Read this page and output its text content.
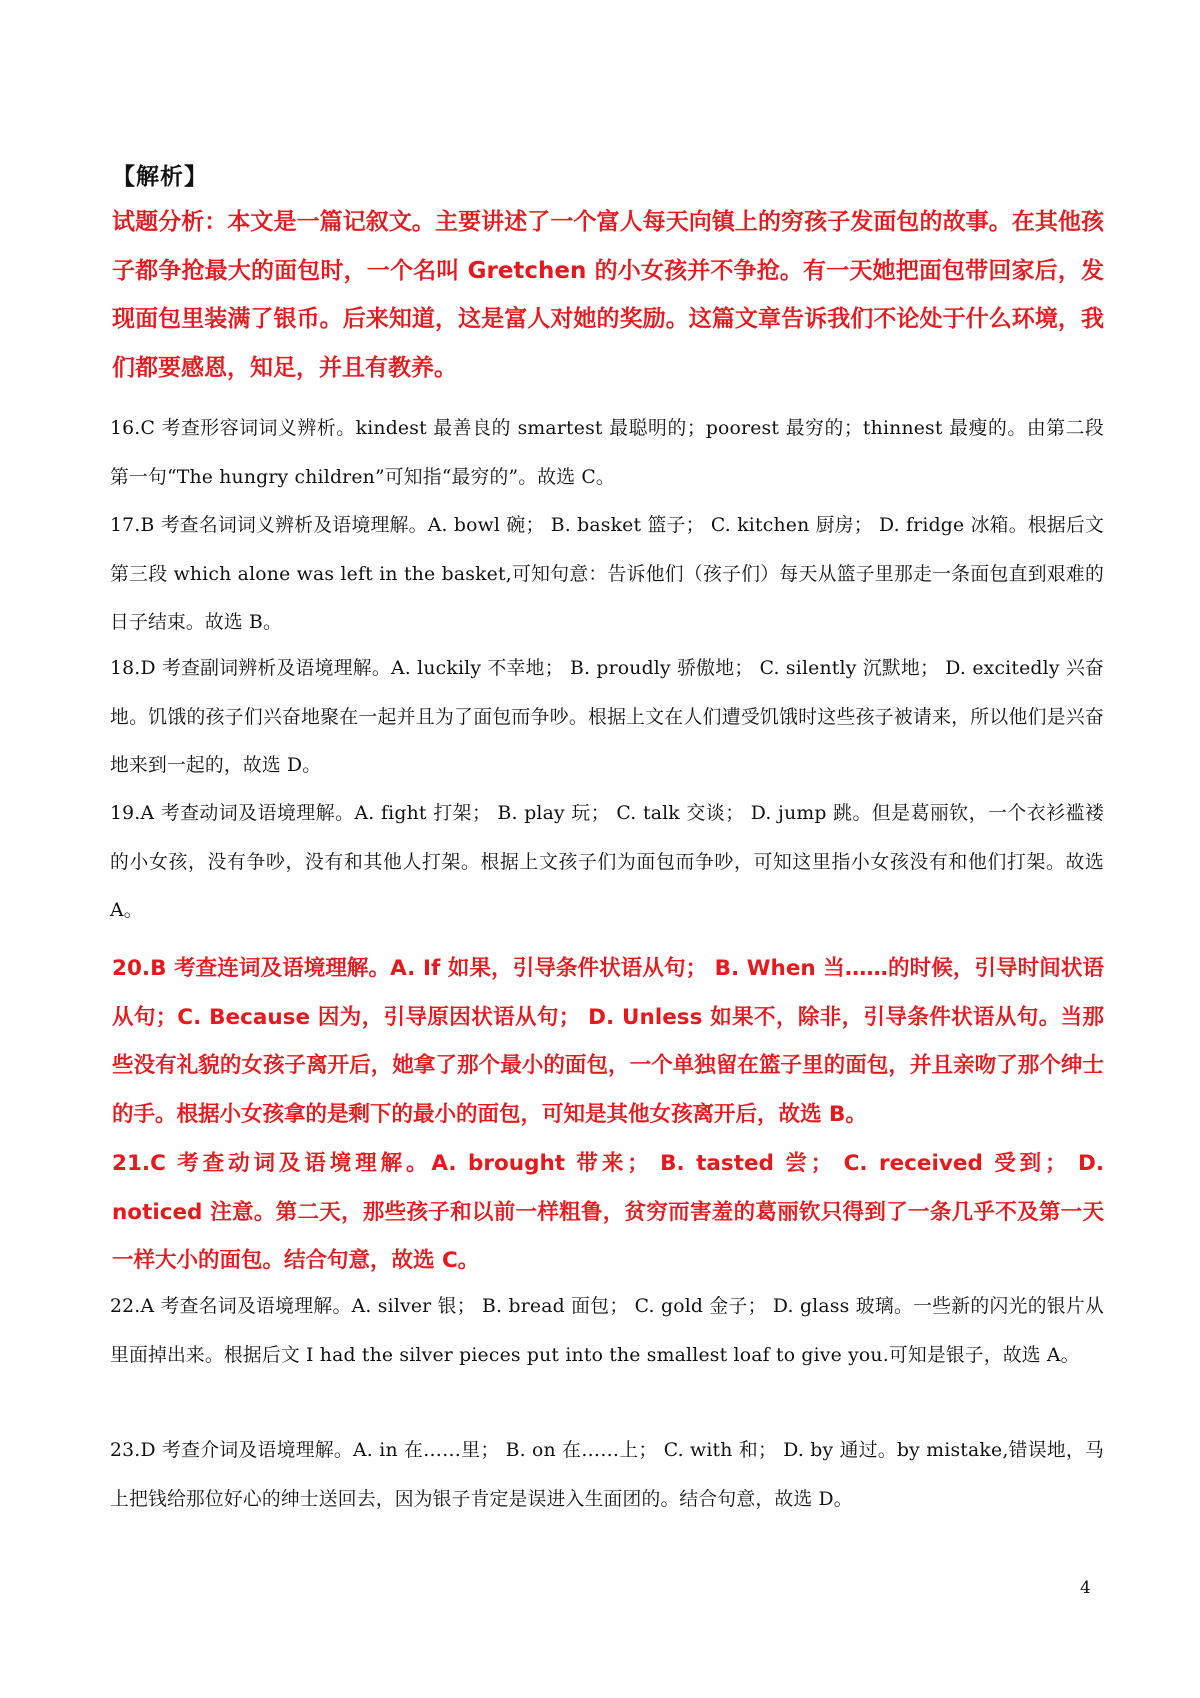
【解析】
试题分析：本文是一篇记叙文。主要讲述了一个富人每天向镇上的穷孩子发面包的故事。在其他孩子都争抢最大的面包时，一个名叫 Gretchen 的小女孩并不争抢。有一天她把面包带回家后，发现面包里装满了银币。后来知道，这是富人对她的奖励。这篇文章告诉我们不论处于什么环境，我们都要感恩，知足，并且有教养。
16.C 考查形容词词义辨析。kindest 最善良的 smartest 最聪明的；poorest 最穷的；thinnest 最瘦的。由第二段第一句“The hungry children”可知指“最穷的”。故选 C。
17.B 考查名词词义辨析及语境理解。A. bowl 碗； B. basket 篮子； C. kitchen 厨房； D. fridge 冰箱。根据后文第三段 which alone was left in the basket,可知句意：告诉他们（孩子们）每天从篮子里那走一条面包直到艰难的日子结束。故选 B。
18.D 考查副词辨析及语境理解。A. luckily 不幸地； B. proudly 骄傲地； C. silently 沉默地； D. excitedly 兴奋地。饥饿的孩子们兴奋地聚在一起并且为了面包而争吵。根据上文在人们遭受饥饿时这些孩子被请来，所以他们是兴奋地来到一起的，故选 D。
19.A 考查动词及语境理解。A. fight 打架； B. play 玩； C. talk 交谈； D. jump 跳。但是葛丽钦，一个衣衫褴褛的小女孩，没有争吵，没有和其他人打架。根据上文孩子们为面包而争吵，可知这里指小女孩没有和他们打架。故选 A。
20.B 考查连词及语境理解。A. If 如果，引导条件状语从句； B. When 当……的时候，引导时间状语从句；C. Because 因为，引导原因状语从句； D. Unless 如果不，除非，引导条件状语从句。当那些没有礼貌的女孩子离开后，她拿了那个最小的面包，一个单独留在篮子里的面包，并且亲吻了那个绅士的手。根据小女孩拿的是剩下的最小的面包，可知是其他女孩离开后，故选 B。
21.C 考查动词及语境理解。A. brought 带来； B. tasted 尝； C. received 受到； D. noticed 注意。第二天，那些孩子和以前一样粗鲁，贫穷而害羞的葛丽钦只得到了一条几乎不及第一天一样大小的面包。结合句意，故选 C。
22.A 考查名词及语境理解。A. silver 银； B. bread 面包； C. gold 金子； D. glass 玻璃。一些新的闪光的银片从里面掉出来。根据后文 I had the silver pieces put into the smallest loaf to give you.可知是银子，故选 A。
23.D 考查介词及语境理解。A. in 在……里； B. on 在……上； C. with 和； D. by 通过。by mistake,错误地，马上把钱给那位好心的绅士送回去，因为银子肯定是误进入生面团的。结合句意，故选 D。
4
